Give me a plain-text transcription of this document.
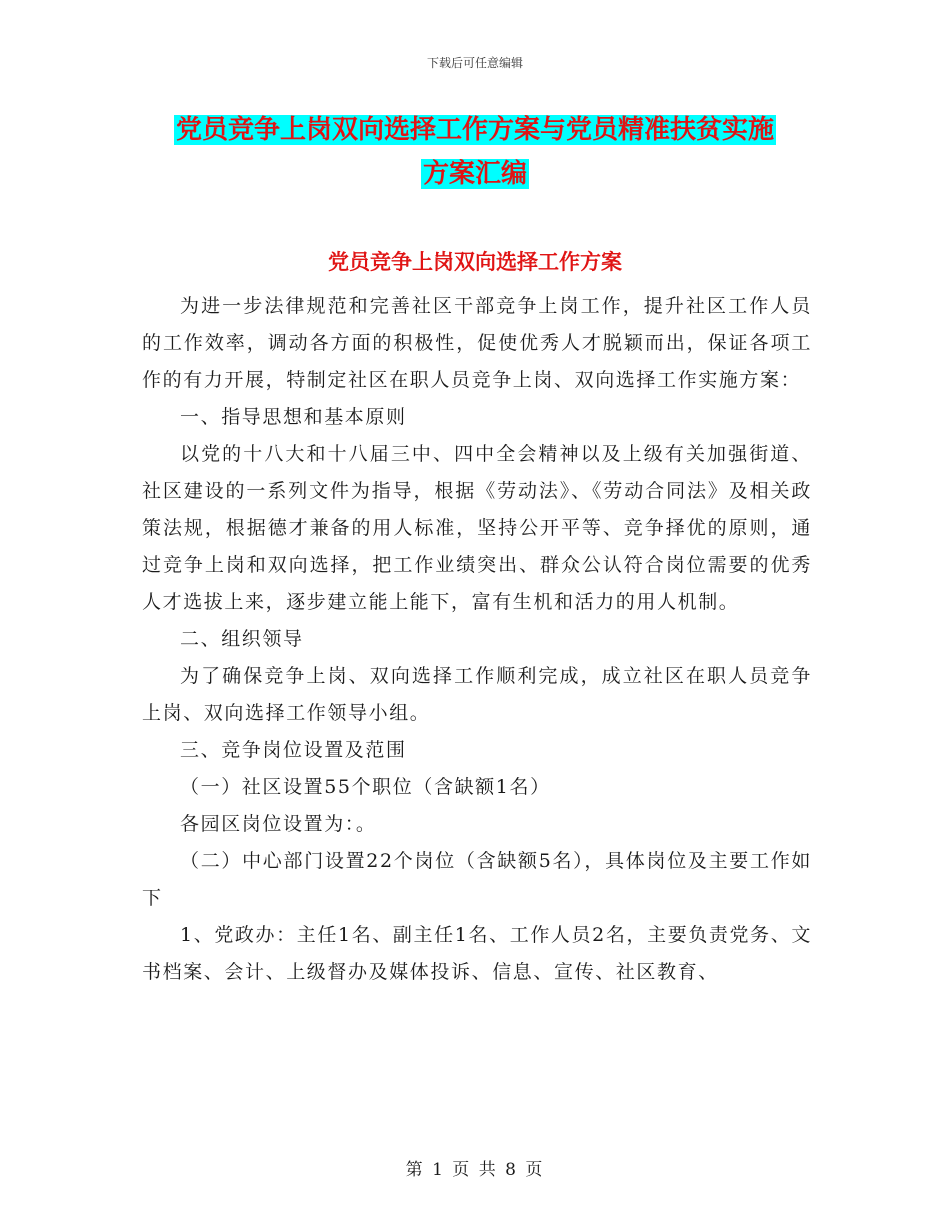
下载后可任意编辑
党员竞争上岗双向选择工作方案与党员精准扶贫实施
方案汇编
党员竞争上岗双向选择工作方案

为进一步法律规范和完善社区干部竞争上岗工作，提升社区工作人员的工作效率，调动各方面的积极性，促使优秀人才脱颖而出，保证各项工作的有力开展，特制定社区在职人员竞争上岗、双向选择工作实施方案：

一、指导思想和基本原则

以党的十八大和十八届三中、四中全会精神以及上级有关加强街道、社区建设的一系列文件为指导，根据《劳动法》、《劳动合同法》及相关政策法规，根据德才兼备的用人标准，坚持公开平等、竞争择优的原则，通过竞争上岗和双向选择，把工作业绩突出、群众公认符合岗位需要的优秀人才选拔上来，逐步建立能上能下，富有生机和活力的用人机制。

二、组织领导

为了确保竞争上岗、双向选择工作顺利完成，成立社区在职人员竞争上岗、双向选择工作领导小组。

三、竞争岗位设置及范围

（一）社区设置55个职位（含缺额1名）

各园区岗位设置为：。

（二）中心部门设置22个岗位（含缺额5名），具体岗位及主要工作如下

1、党政办：主任1名、副主任1名、工作人员2名，主要负责党务、文书档案、会计、上级督办及媒体投诉、信息、宣传、社区教育、

第 1 页 共 8 页
